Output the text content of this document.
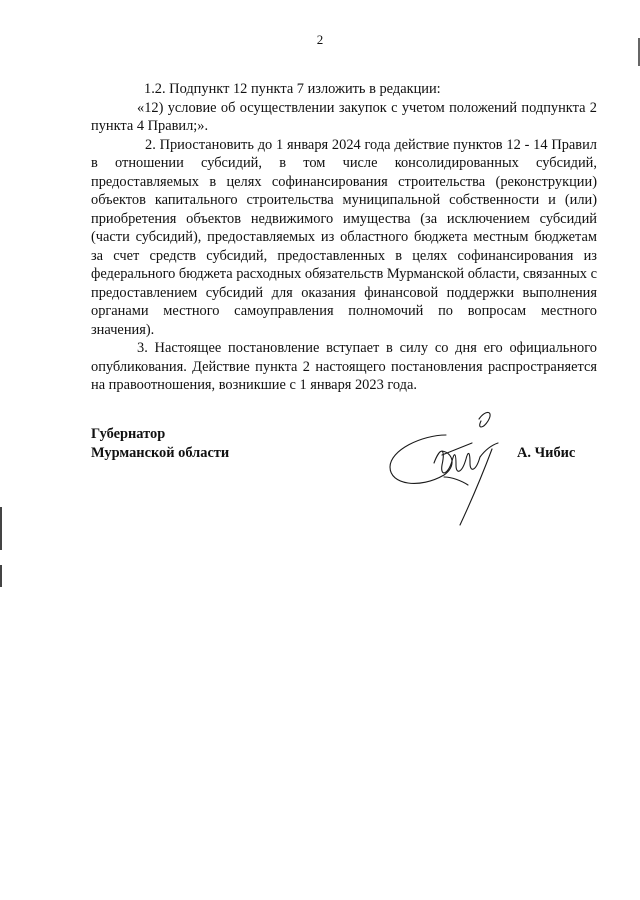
2

1.2. Подпункт 12 пункта 7 изложить в редакции:

«12) условие об осуществлении закупок с учетом положений подпункта 2 пункта 4 Правил;».

2. Приостановить до 1 января 2024 года действие пунктов 12 - 14 Правил в отношении субсидий, в том числе консолидированных субсидий, предоставляемых в целях софинансирования строительства (реконструкции) объектов капитального строительства муниципальной собственности и (или) приобретения объектов недвижимого имущества (за исключением субсидий (части субсидий), предоставляемых из областного бюджета местным бюджетам за счет средств субсидий, предоставленных в целях софинансирования из федерального бюджета расходных обязательств Мурманской области, связанных с предоставлением субсидий для оказания финансовой поддержки выполнения органами местного самоуправления полномочий по вопросам местного значения).

3. Настоящее постановление вступает в силу со дня его официального опубликования. Действие пункта 2 настоящего постановления распространяется на правоотношения, возникшие с 1 января 2023 года.

Губернатор
Мурманской области	А. Чибис
